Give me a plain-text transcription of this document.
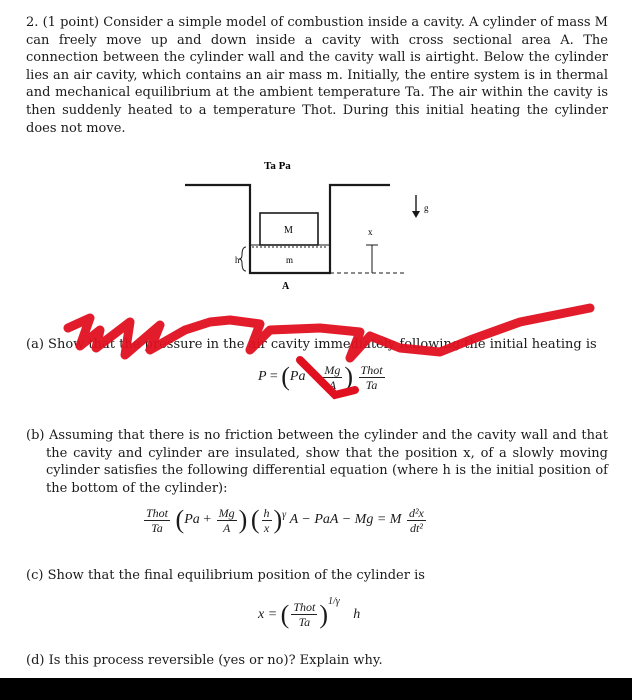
2. (1 point) Consider a simple model of combustion inside a cavity. A cylinder of mass M can freely move up and down inside a cavity with cross sectional area A. The connection between the cylinder wall and the cavity wall is airtight. Below the cylinder lies an air cavity, which contains an air mass m. Initially, the entire system is in thermal and mechanical equilibrium at the ambient temperature Ta. The air within the cavity is then suddenly heated to a temperature Thot. During this initial heating the cylinder does not move.
Ta Pa
M
m
h
x
g
A
(a) Show that the pressure in the air cavity immediately following the initial heating is
$P = (Pa + \frac{Mg}{A}$ ) $\frac{\text{Thot}}{Ta}$
(b) Assuming that there is no friction between the cylinder and the cavity wall and that the cavity and cylinder are insulated, show that the position x, of a slowly moving cylinder satisfies the following differential equation (where h is the initial position of the bottom of the cylinder):
$\frac{\text{Thot}}{Ta} (Pa + \frac{Mg}{A}$ ) ( $\frac{h}{x} )^\gamma$ A − PaA − Mg = M $\frac{\text{d²x}}{\text{dt²}}$
(c) Show that the final equilibrium position of the cylinder is
x = ( $\frac{\text{Thot}}{Ta} )^{1/\gamma}$ h
(d) Is this process reversible (yes or no)? Explain why.
